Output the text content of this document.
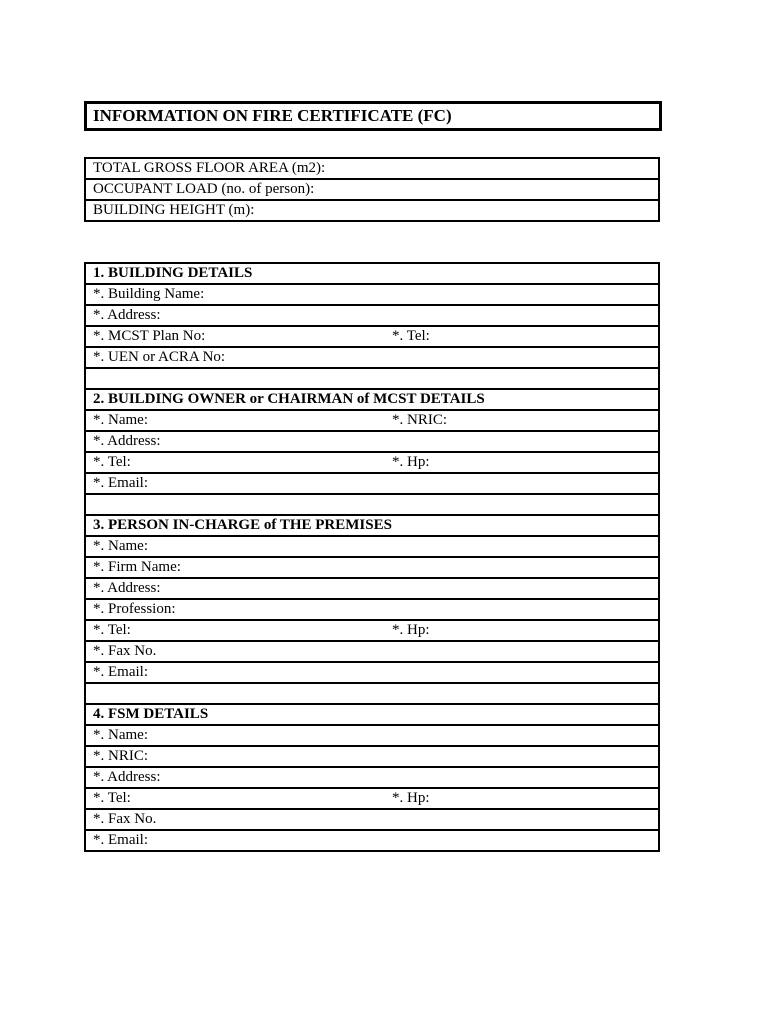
INFORMATION ON FIRE CERTIFICATE (FC)
TOTAL GROSS FLOOR AREA (m2):
OCCUPANT LOAD (no. of person):
BUILDING HEIGHT (m):
1. BUILDING DETAILS
*. Building Name:
*. Address:
*. MCST Plan No:	*. Tel:

*. UEN or ACRA No:

2. BUILDING OWNER or CHAIRMAN of MCST DETAILS
*. Name:	*. NRIC:

*. Address:
*. Tel:	*. Hp:

*. Email:

3. PERSON IN-CHARGE of THE PREMISES
*. Name:
*. Firm Name:
*. Address:
*. Profession:
*. Tel:	*. Hp:

*. Fax No.
*. Email:

4. FSM DETAILS
*. Name:
*. NRIC:
*. Address:
*. Tel:	*. Hp:

*. Fax No.
*. Email:
